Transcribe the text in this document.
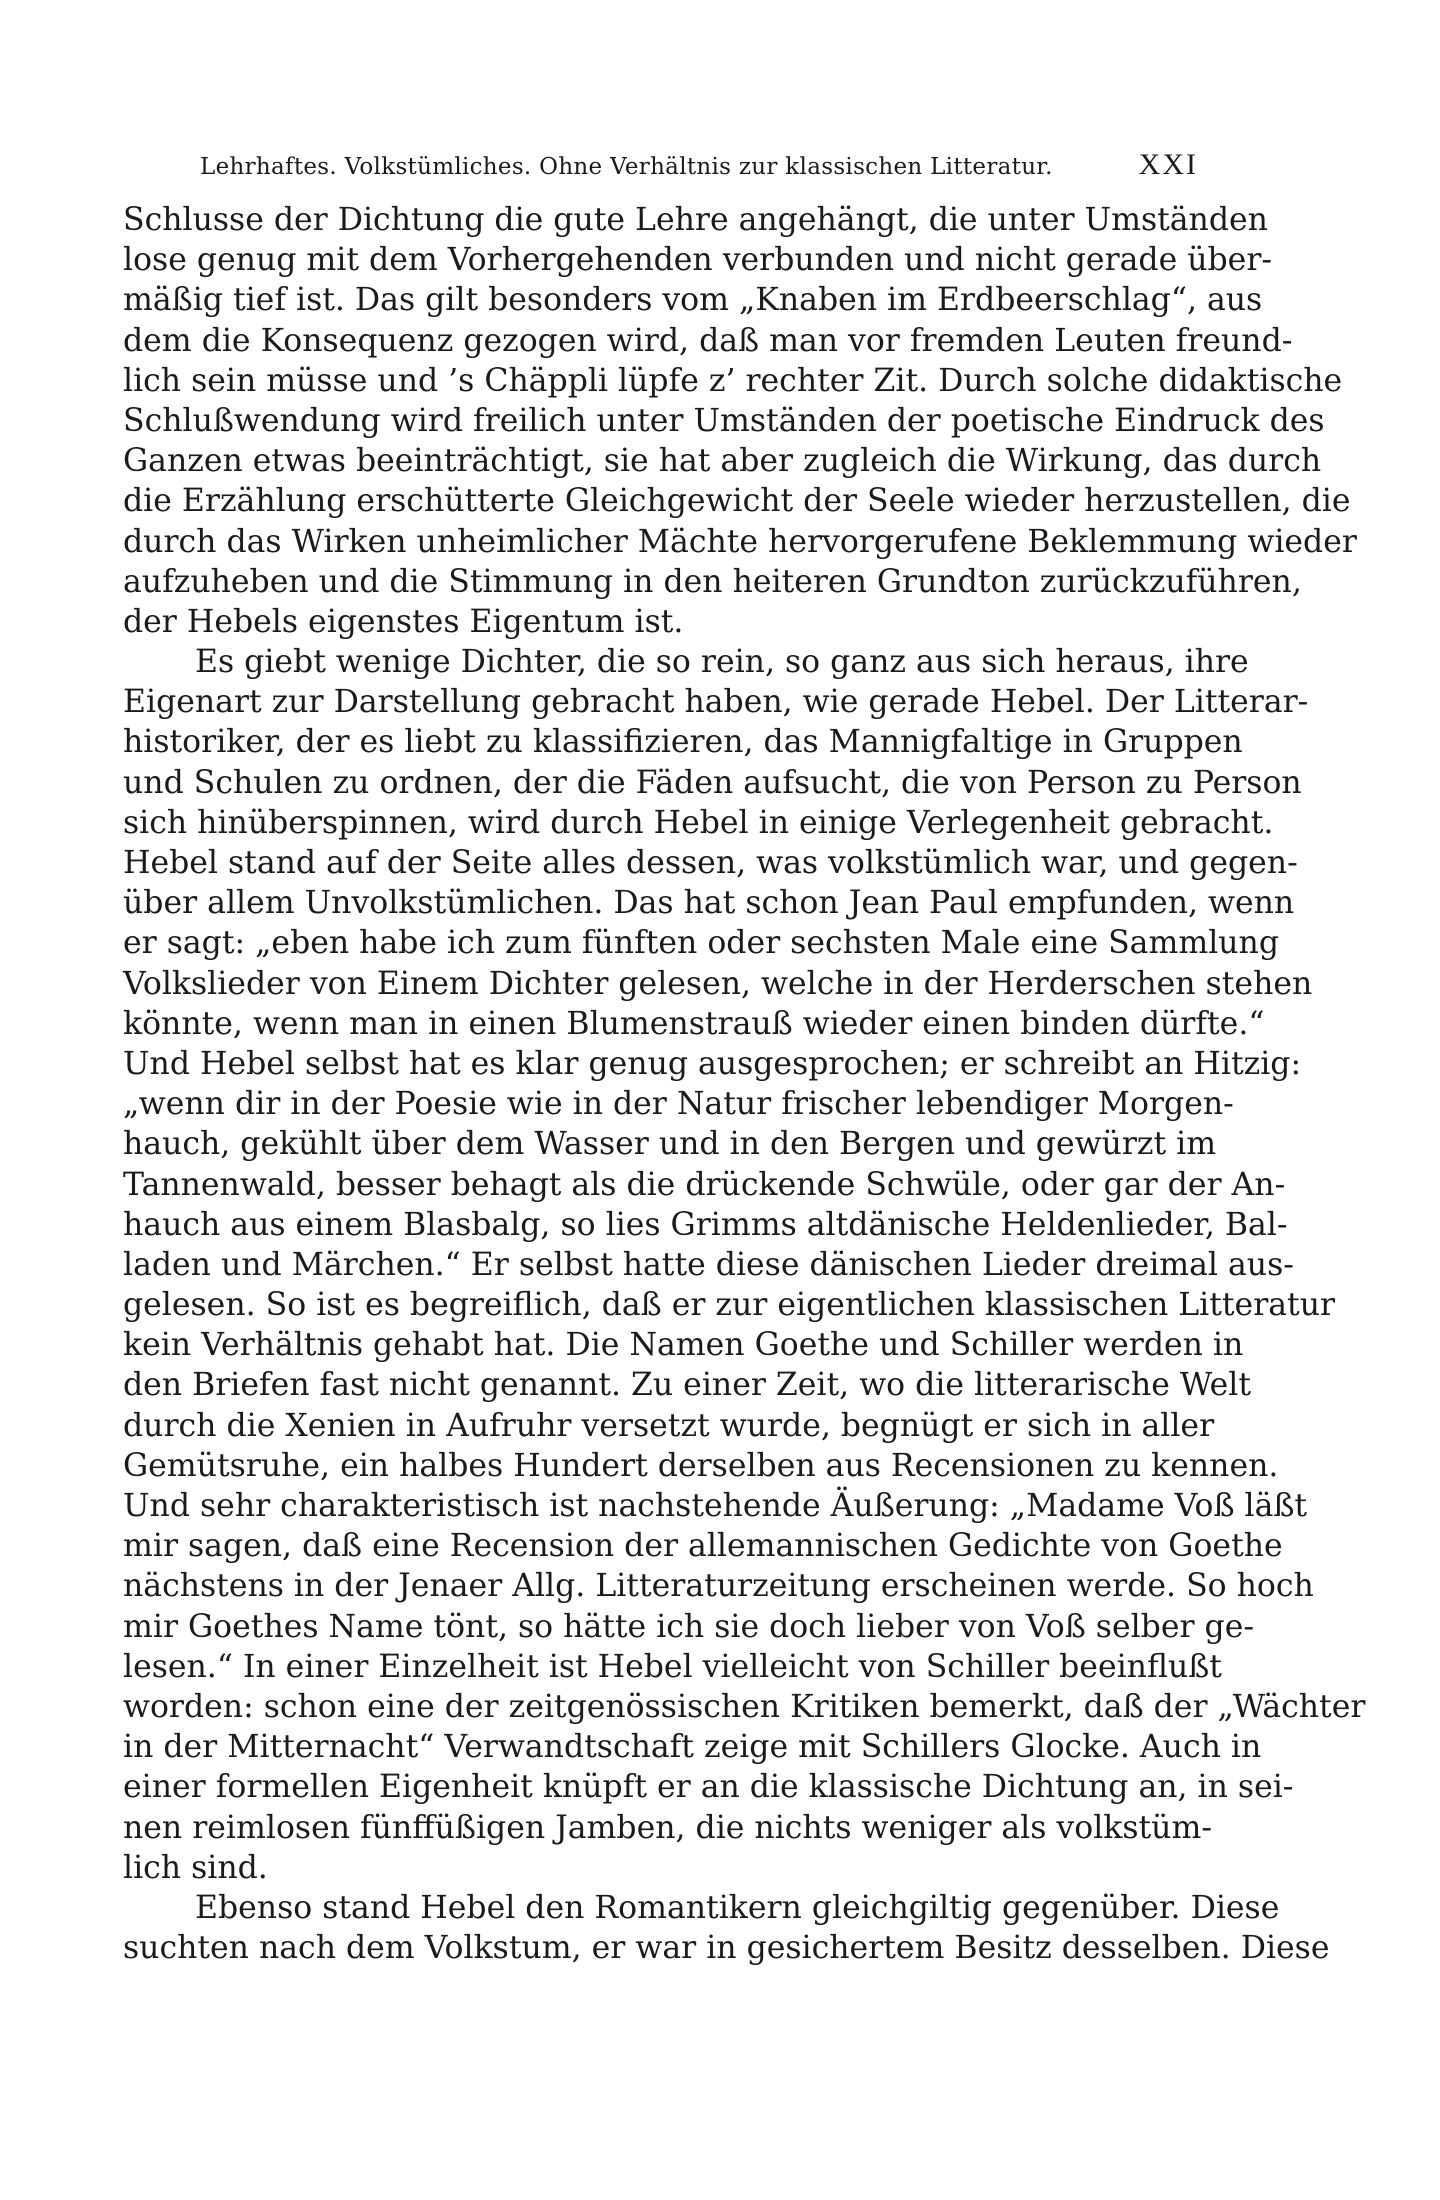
Lehrhaftes. Volkstümliches. Ohne Verhältnis zur klassischen Litteratur.	XXI
Schlusse der Dichtung die gute Lehre angehängt, die unter Umständen
lose genug mit dem Vorhergehenden verbunden und nicht gerade über-
mäßig tief ist. Das gilt besonders vom „Knaben im Erdbeerschlag“, aus
dem die Konsequenz gezogen wird, daß man vor fremden Leuten freund-
lich sein müsse und ’s Chäppli lüpfe z’ rechter Zit. Durch solche didaktische
Schlußwendung wird freilich unter Umständen der poetische Eindruck des
Ganzen etwas beeinträchtigt, sie hat aber zugleich die Wirkung, das durch
die Erzählung erschütterte Gleichgewicht der Seele wieder herzustellen, die
durch das Wirken unheimlicher Mächte hervorgerufene Beklemmung wieder
aufzuheben und die Stimmung in den heiteren Grundton zurückzuführen,
der Hebels eigenstes Eigentum ist.
Es giebt wenige Dichter, die so rein, so ganz aus sich heraus, ihre
Eigenart zur Darstellung gebracht haben, wie gerade Hebel. Der Litterar-
historiker, der es liebt zu klassifizieren, das Mannigfaltige in Gruppen
und Schulen zu ordnen, der die Fäden aufsucht, die von Person zu Person
sich hinüberspinnen, wird durch Hebel in einige Verlegenheit gebracht.
Hebel stand auf der Seite alles dessen, was volkstümlich war, und gegen-
über allem Unvolkstümlichen. Das hat schon Jean Paul empfunden, wenn
er sagt: „eben habe ich zum fünften oder sechsten Male eine Sammlung
Volkslieder von Einem Dichter gelesen, welche in der Herderschen stehen
könnte, wenn man in einen Blumenstrauß wieder einen binden dürfte.“
Und Hebel selbst hat es klar genug ausgesprochen; er schreibt an Hitzig:
„wenn dir in der Poesie wie in der Natur frischer lebendiger Morgen-
hauch, gekühlt über dem Wasser und in den Bergen und gewürzt im
Tannenwald, besser behagt als die drückende Schwüle, oder gar der An-
hauch aus einem Blasbalg, so lies Grimms altdänische Heldenlieder, Bal-
laden und Märchen.“ Er selbst hatte diese dänischen Lieder dreimal aus-
gelesen. So ist es begreiflich, daß er zur eigentlichen klassischen Litteratur
kein Verhältnis gehabt hat. Die Namen Goethe und Schiller werden in
den Briefen fast nicht genannt. Zu einer Zeit, wo die litterarische Welt
durch die Xenien in Aufruhr versetzt wurde, begnügt er sich in aller
Gemütsruhe, ein halbes Hundert derselben aus Recensionen zu kennen.
Und sehr charakteristisch ist nachstehende Äußerung: „Madame Voß läßt
mir sagen, daß eine Recension der allemannischen Gedichte von Goethe
nächstens in der Jenaer Allg. Litteraturzeitung erscheinen werde. So hoch
mir Goethes Name tönt, so hätte ich sie doch lieber von Voß selber ge-
lesen.“ In einer Einzelheit ist Hebel vielleicht von Schiller beeinflußt
worden: schon eine der zeitgenössischen Kritiken bemerkt, daß der „Wächter
in der Mitternacht“ Verwandtschaft zeige mit Schillers Glocke. Auch in
einer formellen Eigenheit knüpft er an die klassische Dichtung an, in sei-
nen reimlosen fünffüßigen Jamben, die nichts weniger als volkstüm-
lich sind.
Ebenso stand Hebel den Romantikern gleichgiltig gegenüber. Diese
suchten nach dem Volkstum, er war in gesichertem Besitz desselben. Diese
